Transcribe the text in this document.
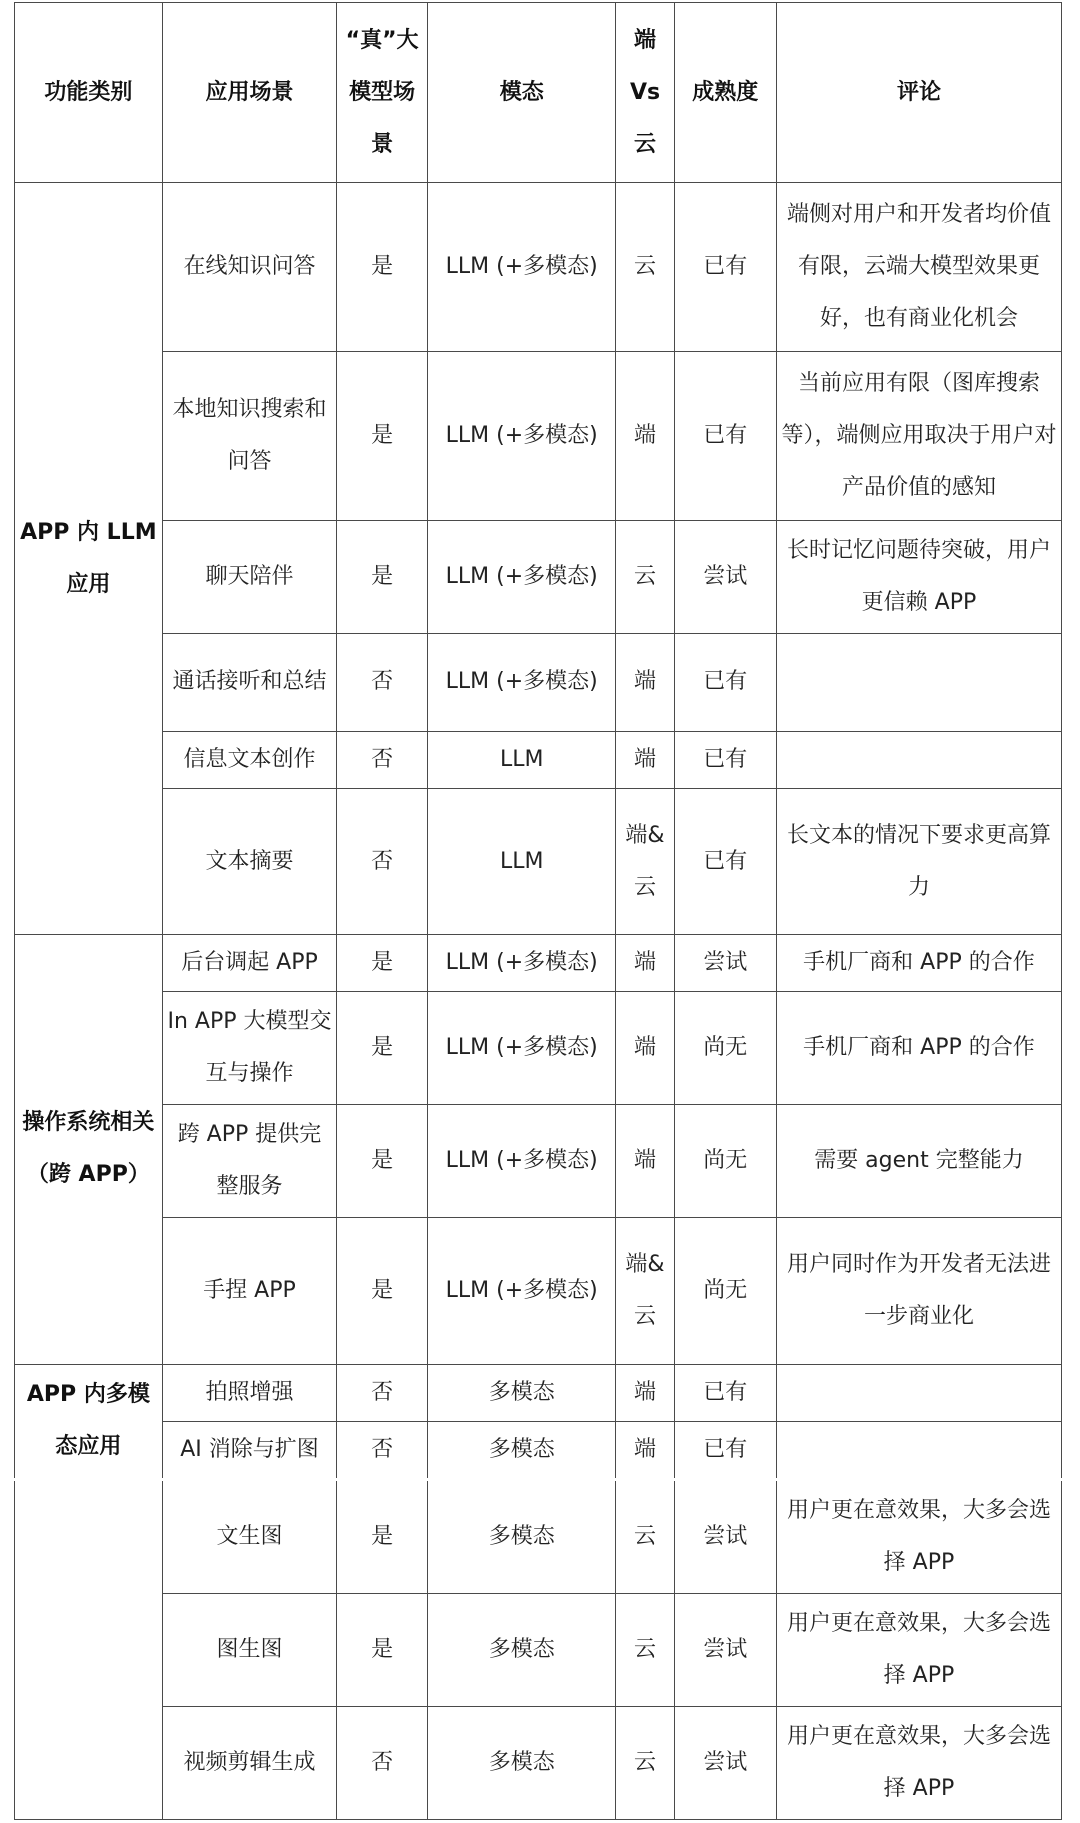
功能类别	应用场景	“真”大模型场景	模态	端Vs云	成熟度	评论
APP 内 LLM 应用	在线知识问答	是	LLM (+多模态)	云	已有	端侧对用户和开发者均价值有限，云端大模型效果更好，也有商业化机会
	本地知识搜索和问答	是	LLM (+多模态)	端	已有	当前应用有限（图库搜索等），端侧应用取决于用户对产品价值的感知
	聊天陪伴	是	LLM (+多模态)	云	尝试	长时记忆问题待突破，用户更信赖 APP
	通话接听和总结	否	LLM (+多模态)	端	已有	
	信息文本创作	否	LLM	端	已有	
	文本摘要	否	LLM	端&云	已有	长文本的情况下要求更高算力
操作系统相关（跨 APP）	后台调起 APP	是	LLM (+多模态)	端	尝试	手机厂商和 APP 的合作
	In APP 大模型交互与操作	是	LLM (+多模态)	端	尚无	手机厂商和 APP 的合作
	跨 APP 提供完整服务	是	LLM (+多模态)	端	尚无	需要 agent 完整能力
	手捏 APP	是	LLM (+多模态)	端&云	尚无	用户同时作为开发者无法进一步商业化
APP 内多模态应用	拍照增强	否	多模态	端	已有	
	AI 消除与扩图	否	多模态	端	已有	
	文生图	是	多模态	云	尝试	用户更在意效果，大多会选择 APP
	图生图	是	多模态	云	尝试	用户更在意效果，大多会选择 APP
	视频剪辑生成	否	多模态	云	尝试	用户更在意效果，大多会选择 APP
